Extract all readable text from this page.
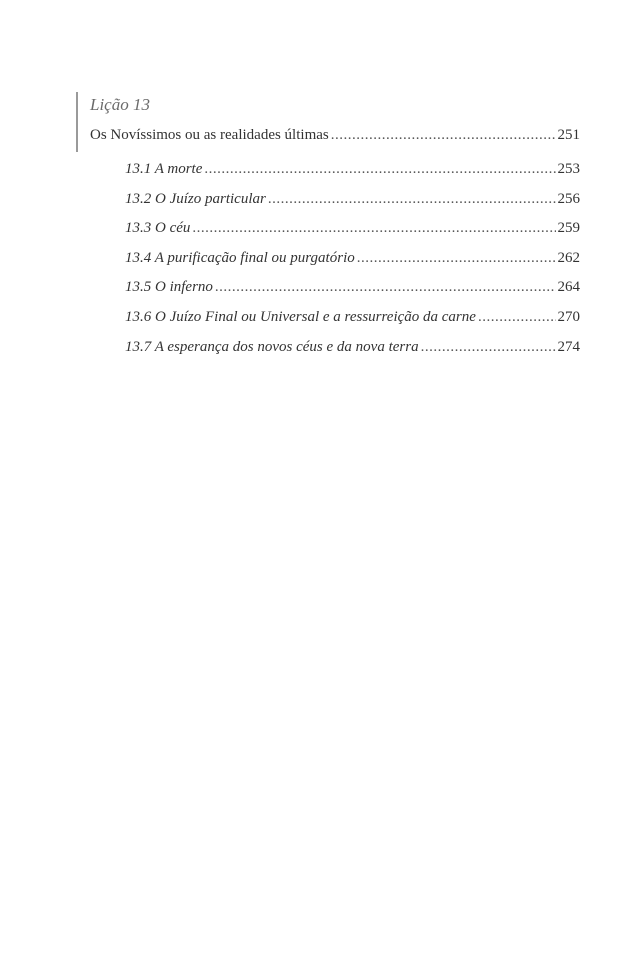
Lição 13
Os Novíssimos ou as realidades últimas .....	251
13.1 A morte .....	253
13.2 O Juízo particular .....	256
13.3 O céu .....	259
13.4 A purificação final ou purgatório .....	262
13.5 O inferno .....	264
13.6 O Juízo Final ou Universal e a ressurreição da carne .....	270
13.7 A esperança dos novos céus e da nova terra .....	274
